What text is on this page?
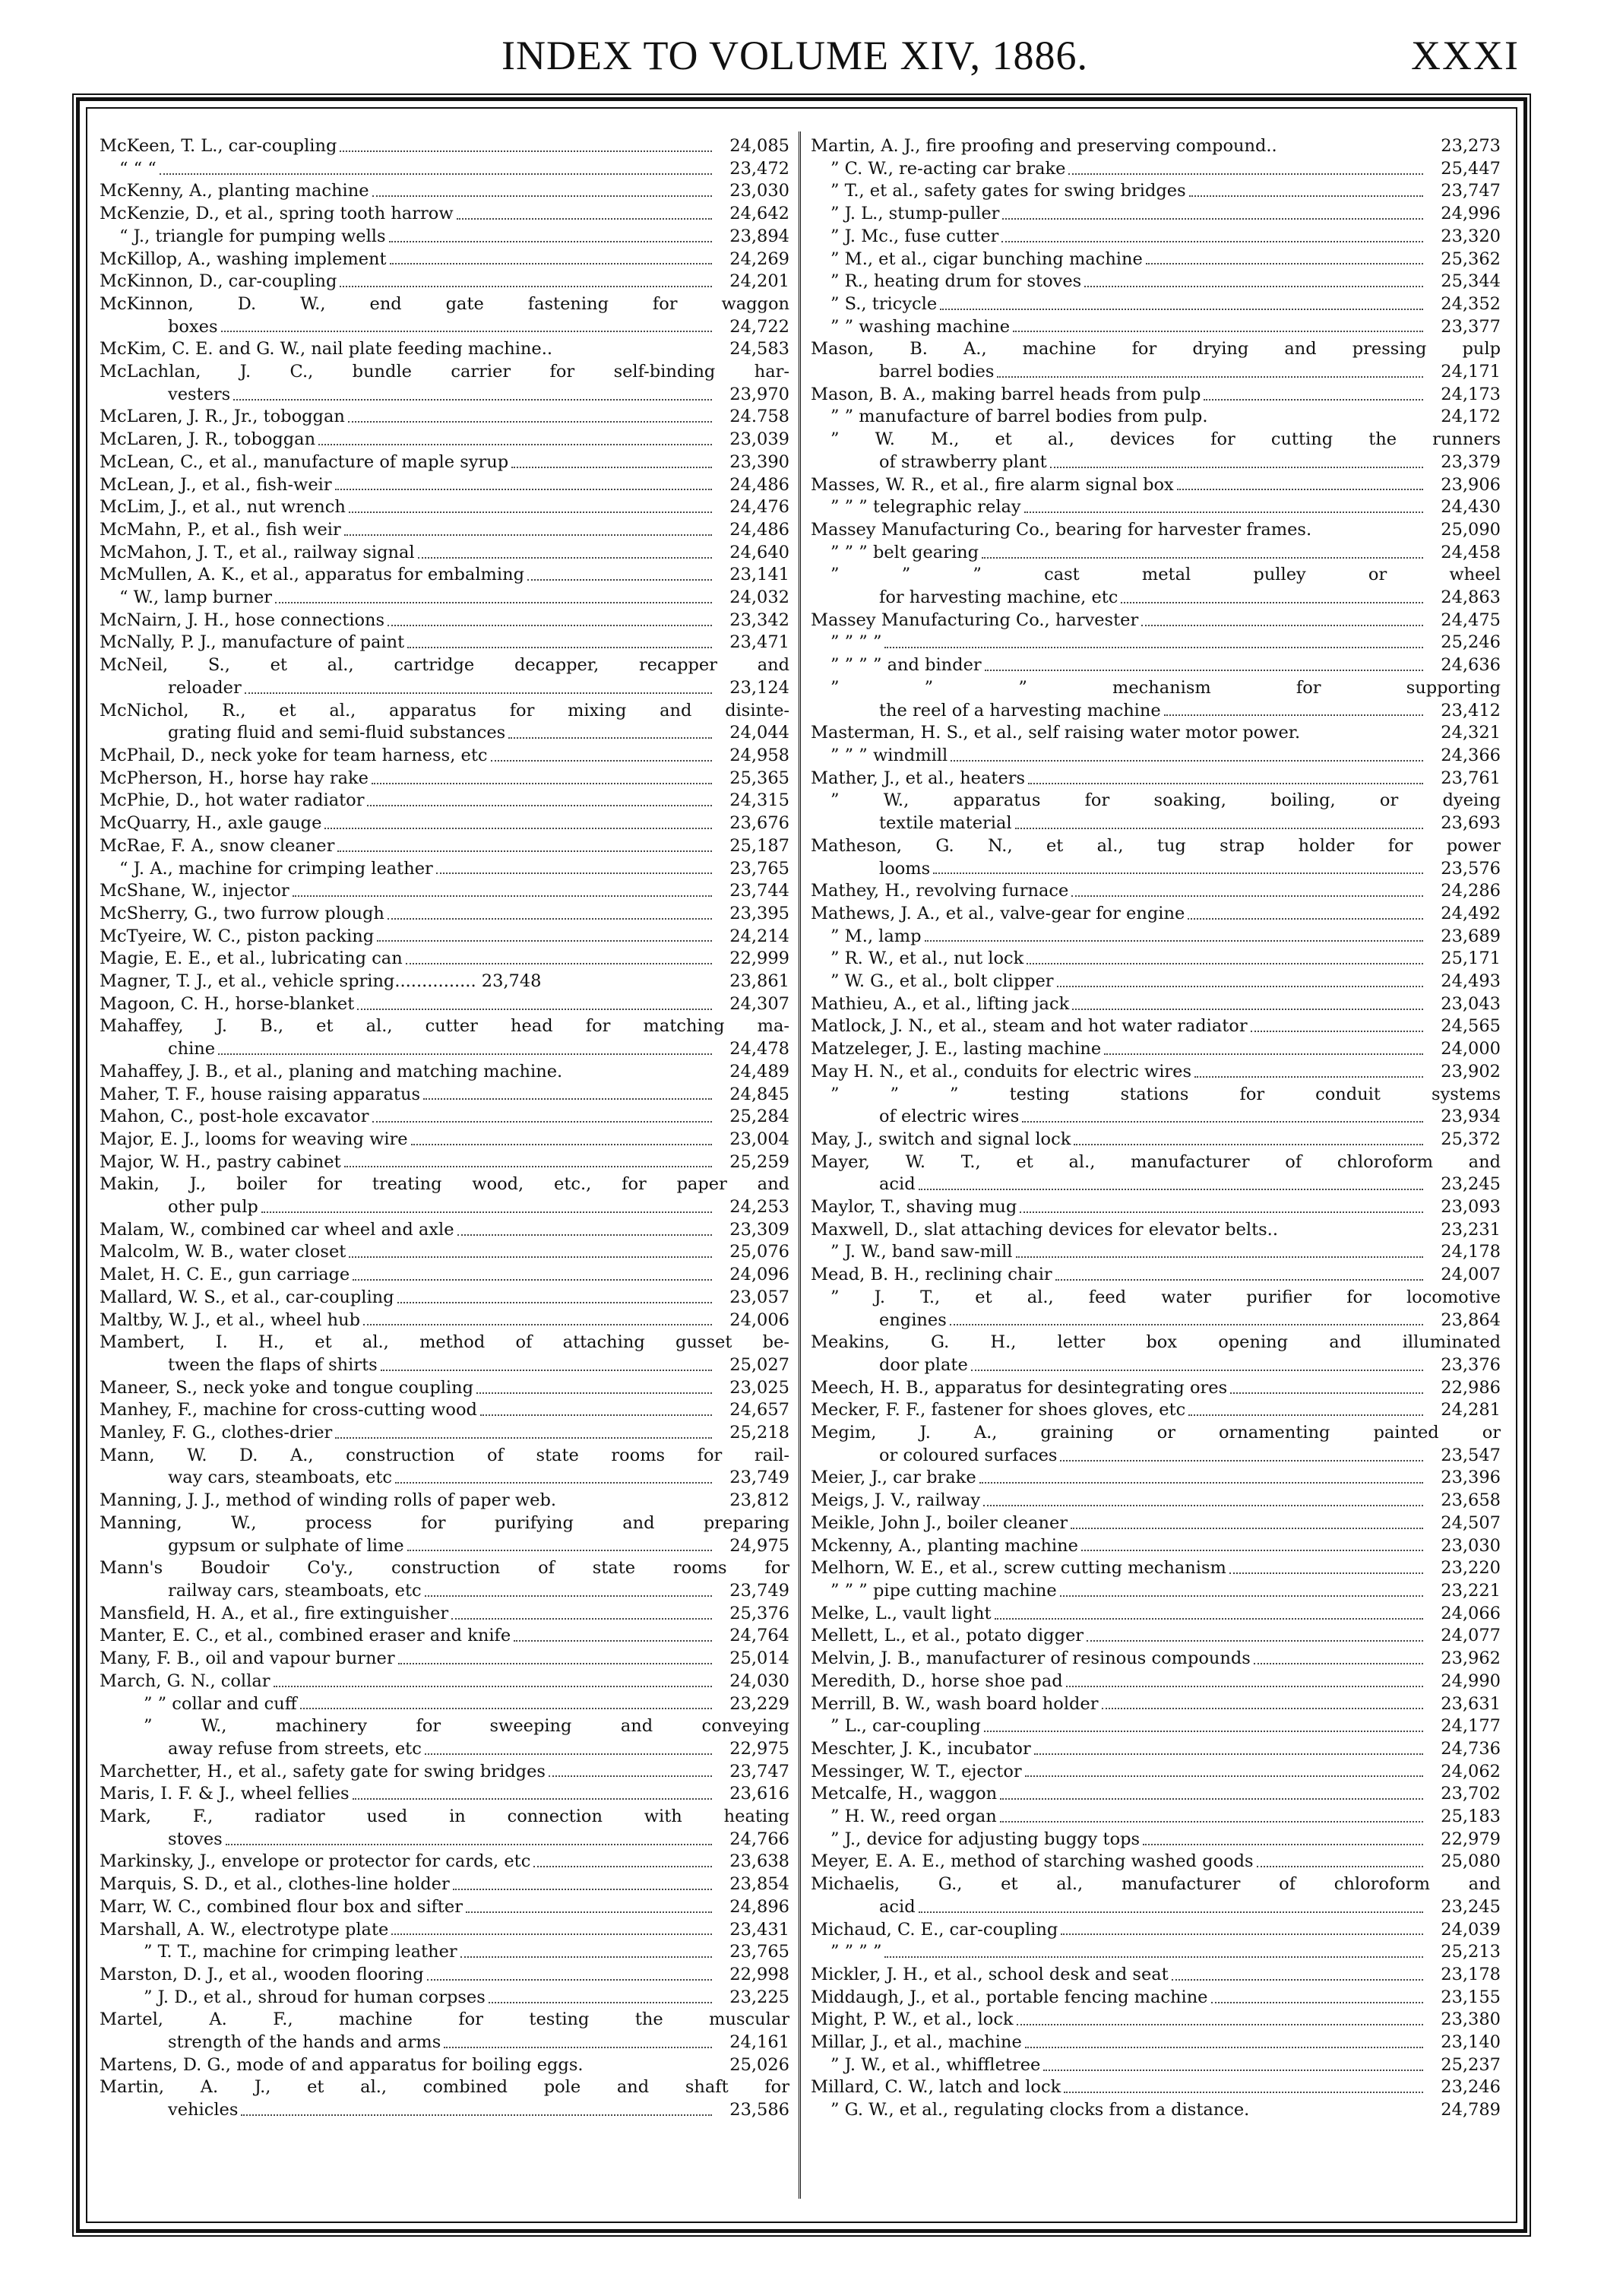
INDEX TO VOLUME XIV, 1886.	XXXI
McKeen, T. L., car-coupling	24,085
“ “ “	23,472
McKenny, A., planting machine	23,030
McKenzie, D., et al., spring tooth harrow	24,642
“ J., triangle for pumping wells	23,894
McKillop, A., washing implement	24,269
McKinnon, D., car-coupling	24,201
McKinnon, D. W., end gate fastening for waggon
boxes	24,722
McKim, C. E. and G. W., nail plate feeding machine..	24,583
McLachlan, J. C., bundle carrier for self-binding har-
vesters	23,970
McLaren, J. R., Jr., toboggan	24.758
McLaren, J. R., toboggan	23,039
McLean, C., et al., manufacture of maple syrup	23,390
McLean, J., et al., fish-weir	24,486
McLim, J., et al., nut wrench	24,476
McMahn, P., et al., fish weir	24,486
McMahon, J. T., et al., railway signal	24,640
McMullen, A. K., et al., apparatus for embalming	23,141
“ W., lamp burner	24,032
McNairn, J. H., hose connections	23,342
McNally, P. J., manufacture of paint	23,471
McNeil, S., et al., cartridge decapper, recapper and
reloader	23,124
McNichol, R., et al., apparatus for mixing and disinte-
grating fluid and semi-fluid substances	24,044
McPhail, D., neck yoke for team harness, etc	24,958
McPherson, H., horse hay rake	25,365
McPhie, D., hot water radiator	24,315
McQuarry, H., axle gauge	23,676
McRae, F. A., snow cleaner	25,187
“ J. A., machine for crimping leather	23,765
McShane, W., injector	23,744
McSherry, G., two furrow plough	23,395
McTyeire, W. C., piston packing	24,214
Magie, E. E., et al., lubricating can	22,999
Magner, T. J., et al., vehicle spring............... 23,748	23,861
Magoon, C. H., horse-blanket	24,307
Mahaffey, J. B., et al., cutter head for matching ma-
chine	24,478
Mahaffey, J. B., et al., planing and matching machine.	24,489
Maher, T. F., house raising apparatus	24,845
Mahon, C., post-hole excavator	25,284
Major, E. J., looms for weaving wire	23,004
Major, W. H., pastry cabinet	25,259
Makin, J., boiler for treating wood, etc., for paper and
other pulp	24,253
Malam, W., combined car wheel and axle	23,309
Malcolm, W. B., water closet	25,076
Malet, H. C. E., gun carriage	24,096
Mallard, W. S., et al., car-coupling	23,057
Maltby, W. J., et al., wheel hub	24,006
Mambert, I. H., et al., method of attaching gusset be-
tween the flaps of shirts	25,027
Maneer, S., neck yoke and tongue coupling	23,025
Manhey, F., machine for cross-cutting wood	24,657
Manley, F. G., clothes-drier	25,218
Mann, W. D. A., construction of state rooms for rail-
way cars, steamboats, etc	23,749
Manning, J. J., method of winding rolls of paper web.	23,812
Manning, W., process for purifying and preparing
gypsum or sulphate of lime	24,975
Mann's Boudoir Co'y., construction of state rooms for
railway cars, steamboats, etc	23,749
Mansfield, H. A., et al., fire extinguisher	25,376
Manter, E. C., et al., combined eraser and knife	24,764
Many, F. B., oil and vapour burner	25,014
March, G. N., collar	24,030
” ” collar and cuff	23,229
” W., machinery for sweeping and conveying
away refuse from streets, etc	22,975
Marchetter, H., et al., safety gate for swing bridges	23,747
Maris, I. F. & J., wheel fellies	23,616
Mark, F., radiator used in connection with heating
stoves	24,766
Markinsky, J., envelope or protector for cards, etc	23,638
Marquis, S. D., et al., clothes-line holder	23,854
Marr, W. C., combined flour box and sifter	24,896
Marshall, A. W., electrotype plate	23,431
” T. T., machine for crimping leather	23,765
Marston, D. J., et al., wooden flooring	22,998
” J. D., et al., shroud for human corpses	23,225
Martel, A. F., machine for testing the muscular
strength of the hands and arms	24,161
Martens, D. G., mode of and apparatus for boiling eggs.	25,026
Martin, A. J., et al., combined pole and shaft for
vehicles	23,586
Martin, A. J., fire proofing and preserving compound..	23,273
” C. W., re-acting car brake	25,447
” T., et al., safety gates for swing bridges	23,747
” J. L., stump-puller	24,996
” J. Mc., fuse cutter	23,320
” M., et al., cigar bunching machine	25,362
” R., heating drum for stoves	25,344
” S., tricycle	24,352
” ” washing machine	23,377
Mason, B. A., machine for drying and pressing pulp
barrel bodies	24,171
Mason, B. A., making barrel heads from pulp	24,173
” ” manufacture of barrel bodies from pulp.	24,172
” W. M., et al., devices for cutting the runners
of strawberry plant	23,379
Masses, W. R., et al., fire alarm signal box	23,906
” ” ” telegraphic relay	24,430
Massey Manufacturing Co., bearing for harvester frames.	25,090
” ” ” belt gearing	24,458
” ” ” cast metal pulley or wheel
for harvesting machine, etc	24,863
Massey Manufacturing Co., harvester	24,475
” ” ” ”	25,246
” ” ” ” and binder	24,636
” ” ” mechanism for supporting
the reel of a harvesting machine	23,412
Masterman, H. S., et al., self raising water motor power.	24,321
” ” ” windmill	24,366
Mather, J., et al., heaters	23,761
” W., apparatus for soaking, boiling, or dyeing
textile material	23,693
Matheson, G. N., et al., tug strap holder for power
looms	23,576
Mathey, H., revolving furnace	24,286
Mathews, J. A., et al., valve-gear for engine	24,492
” M., lamp	23,689
” R. W., et al., nut lock	25,171
” W. G., et al., bolt clipper	24,493
Mathieu, A., et al., lifting jack	23,043
Matlock, J. N., et al., steam and hot water radiator	24,565
Matzeleger, J. E., lasting machine	24,000
May H. N., et al., conduits for electric wires	23,902
” ” ” testing stations for conduit systems
of electric wires	23,934
May, J., switch and signal lock	25,372
Mayer, W. T., et al., manufacturer of chloroform and
acid	23,245
Maylor, T., shaving mug	23,093
Maxwell, D., slat attaching devices for elevator belts..	23,231
” J. W., band saw-mill	24,178
Mead, B. H., reclining chair	24,007
” J. T., et al., feed water purifier for locomotive
engines	23,864
Meakins, G. H., letter box opening and illuminated
door plate	23,376
Meech, H. B., apparatus for desintegrating ores	22,986
Mecker, F. F., fastener for shoes gloves, etc	24,281
Megim, J. A., graining or ornamenting painted or
or coloured surfaces	23,547
Meier, J., car brake	23,396
Meigs, J. V., railway	23,658
Meikle, John J., boiler cleaner	24,507
Mckenny, A., planting machine	23,030
Melhorn, W. E., et al., screw cutting mechanism	23,220
” ” ” pipe cutting machine	23,221
Melke, L., vault light	24,066
Mellett, L., et al., potato digger	24,077
Melvin, J. B., manufacturer of resinous compounds	23,962
Meredith, D., horse shoe pad	24,990
Merrill, B. W., wash board holder	23,631
” L., car-coupling	24,177
Meschter, J. K., incubator	24,736
Messinger, W. T., ejector	24,062
Metcalfe, H., waggon	23,702
” H. W., reed organ	25,183
” J., device for adjusting buggy tops	22,979
Meyer, E. A. E., method of starching washed goods	25,080
Michaelis, G., et al., manufacturer of chloroform and
acid	23,245
Michaud, C. E., car-coupling	24,039
” ” ” ”	25,213
Mickler, J. H., et al., school desk and seat	23,178
Middaugh, J., et al., portable fencing machine	23,155
Might, P. W., et al., lock	23,380
Millar, J., et al., machine	23,140
” J. W., et al., whiffletree	25,237
Millard, C. W., latch and lock	23,246
” G. W., et al., regulating clocks from a distance.	24,789
